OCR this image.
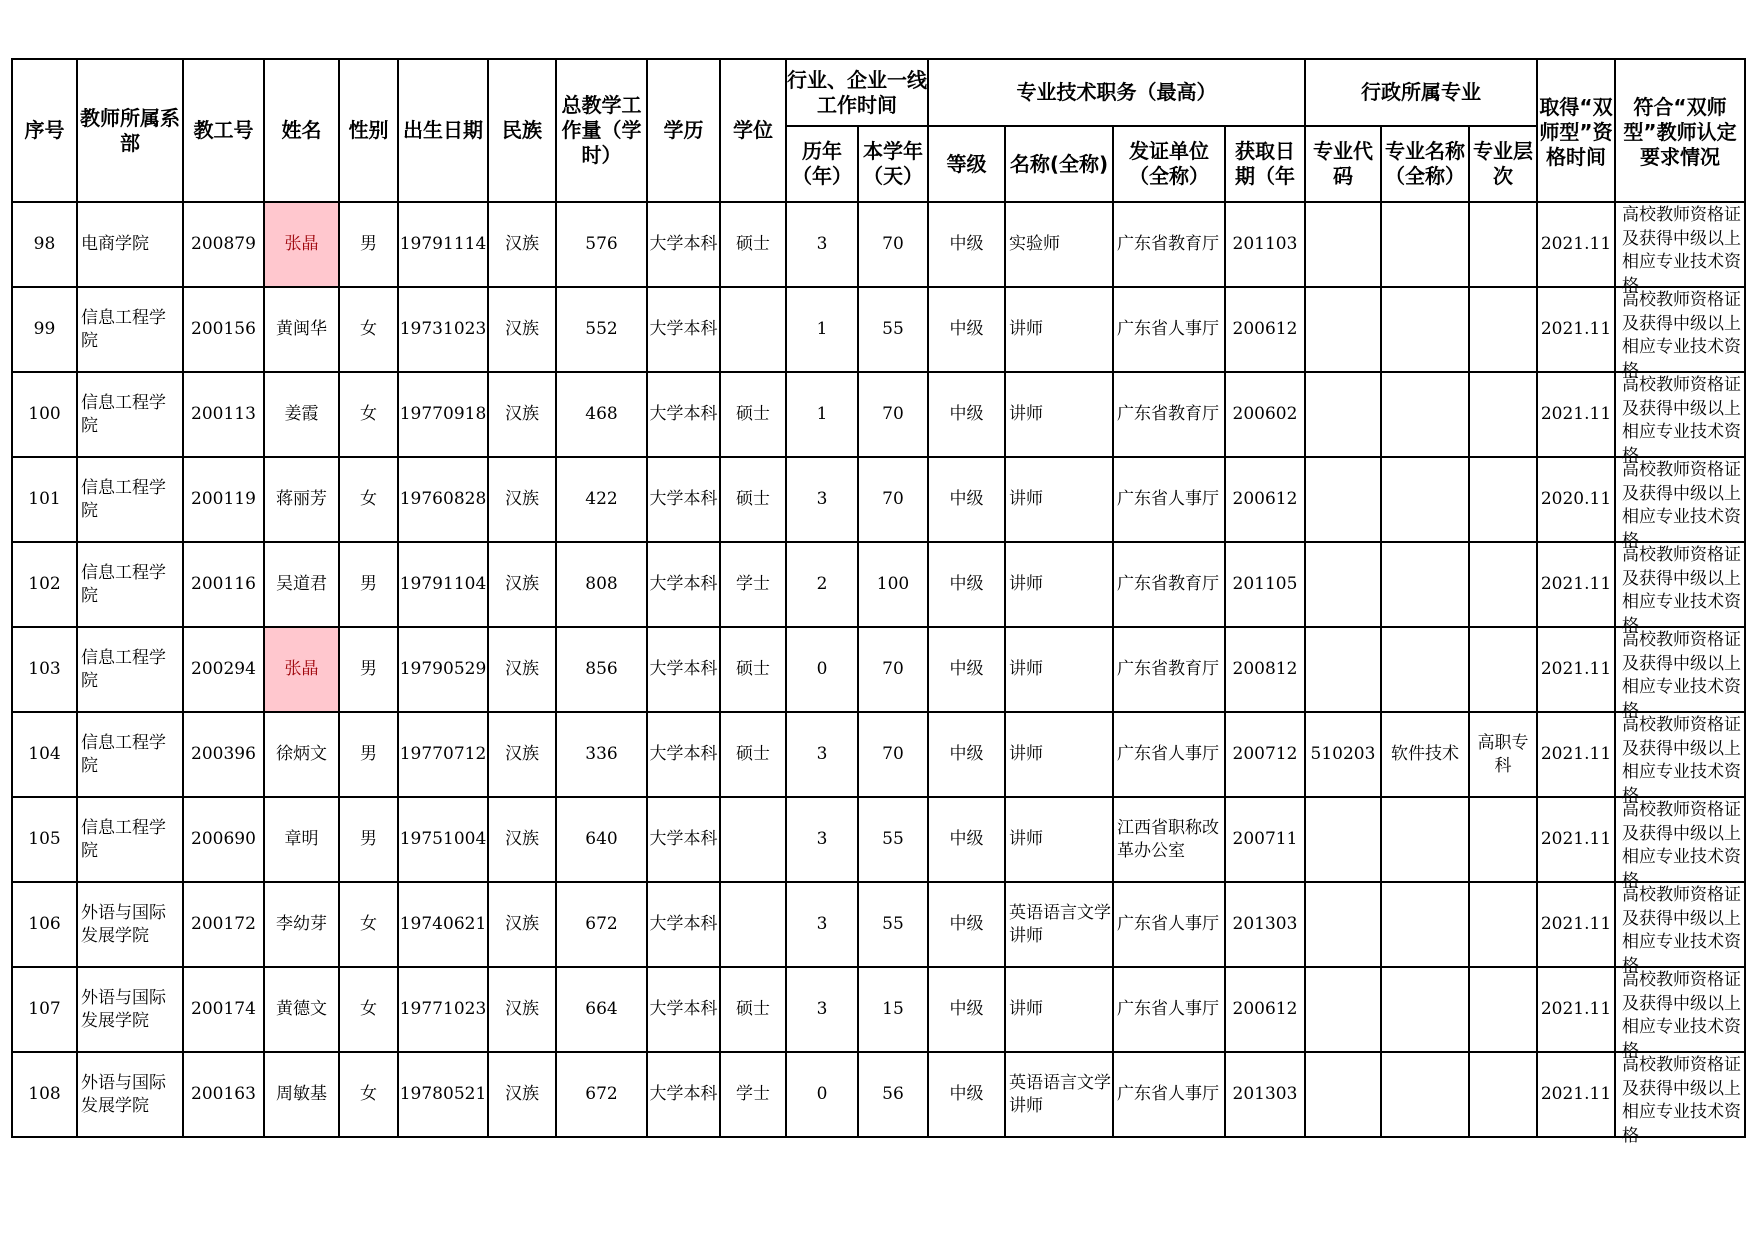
序号	教师所属系部	教工号	姓名	性别	出生日期	民族	总教学工作量（学时）	学历	学位	行业、企业一线工作时间		专业技术职务（最高）				行政所属专业			取得“双师型”资格时间	符合“双师型”教师认定要求情况

										历年（年）	本学年（天）	等级	名称(全称)	发证单位（全称）	获取日期（年	专业代码	专业名称（全称）	专业层次		

98	电商学院	200879	张晶	男	19791114	汉族	576	大学本科	硕士	3	70	中级	实验师	广东省教育厅	201103				2021.11	高校教师资格证及获得中级以上相应专业技术资格

99	信息工程学院	200156	黄闽华	女	19731023	汉族	552	大学本科		1	55	中级	讲师	广东省人事厅	200612				2021.11	高校教师资格证及获得中级以上相应专业技术资格

100	信息工程学院	200113	姜霞	女	19770918	汉族	468	大学本科	硕士	1	70	中级	讲师	广东省教育厅	200602				2021.11	高校教师资格证及获得中级以上相应专业技术资格

101	信息工程学院	200119	蒋丽芳	女	19760828	汉族	422	大学本科	硕士	3	70	中级	讲师	广东省人事厅	200612				2020.11	高校教师资格证及获得中级以上相应专业技术资格

102	信息工程学院	200116	吴道君	男	19791104	汉族	808	大学本科	学士	2	100	中级	讲师	广东省教育厅	201105				2021.11	高校教师资格证及获得中级以上相应专业技术资格

103	信息工程学院	200294	张晶	男	19790529	汉族	856	大学本科	硕士	0	70	中级	讲师	广东省教育厅	200812				2021.11	高校教师资格证及获得中级以上相应专业技术资格

104	信息工程学院	200396	徐炳文	男	19770712	汉族	336	大学本科	硕士	3	70	中级	讲师	广东省人事厅	200712	510203	软件技术	高职专科	2021.11	高校教师资格证及获得中级以上相应专业技术资格

105	信息工程学院	200690	章明	男	19751004	汉族	640	大学本科		3	55	中级	讲师	江西省职称改革办公室	200711				2021.11	高校教师资格证及获得中级以上相应专业技术资格

106	外语与国际发展学院	200172	李幼芽	女	19740621	汉族	672	大学本科		3	55	中级	英语语言文学讲师	广东省人事厅	201303				2021.11	高校教师资格证及获得中级以上相应专业技术资格

107	外语与国际发展学院	200174	黄德文	女	19771023	汉族	664	大学本科	硕士	3	15	中级	讲师	广东省人事厅	200612				2021.11	高校教师资格证及获得中级以上相应专业技术资格

108	外语与国际发展学院	200163	周敏基	女	19780521	汉族	672	大学本科	学士	0	56	中级	英语语言文学讲师	广东省人事厅	201303				2021.11	高校教师资格证及获得中级以上相应专业技术资格
